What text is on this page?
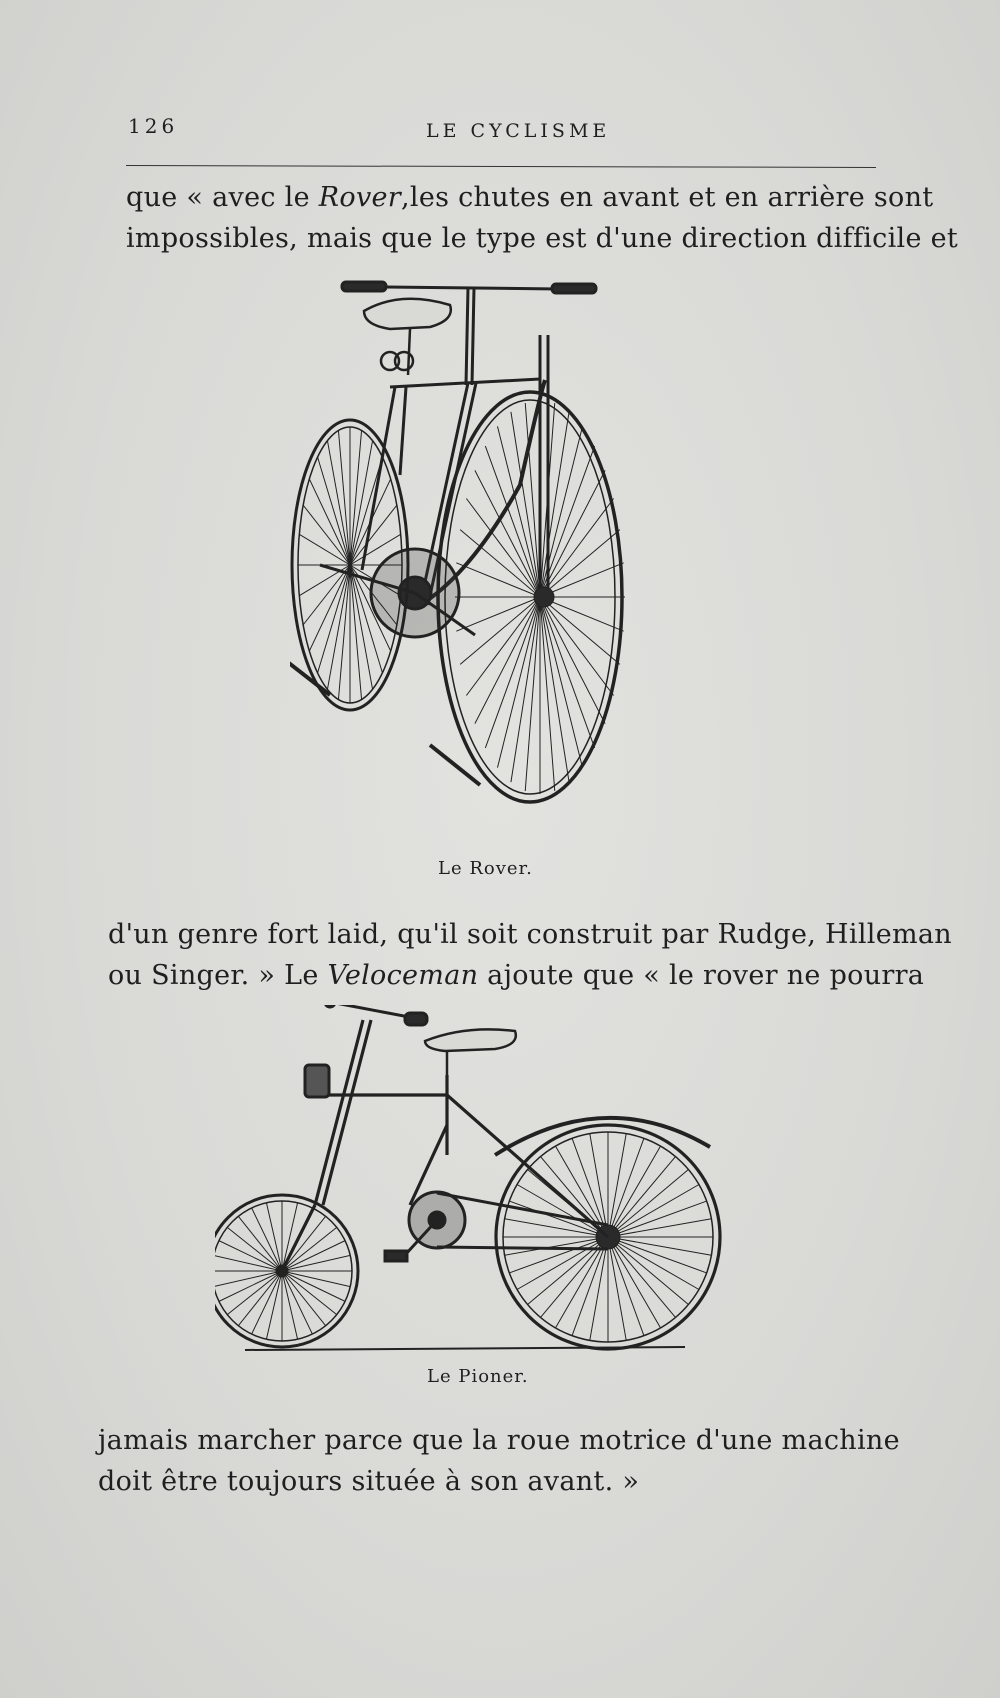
126	LE CYCLISME

que « avec le Rover,les chutes en avant et en arrière sont

impossibles, mais que le type est d'une direction difficile et

Le Rover.

d'un genre fort laid, qu'il soit construit par Rudge, Hilleman

ou Singer. » Le Veloceman ajoute que « le rover ne pourra

Le Pioner.

jamais marcher parce que la roue motrice d'une machine

doit être toujours située à son avant. »
